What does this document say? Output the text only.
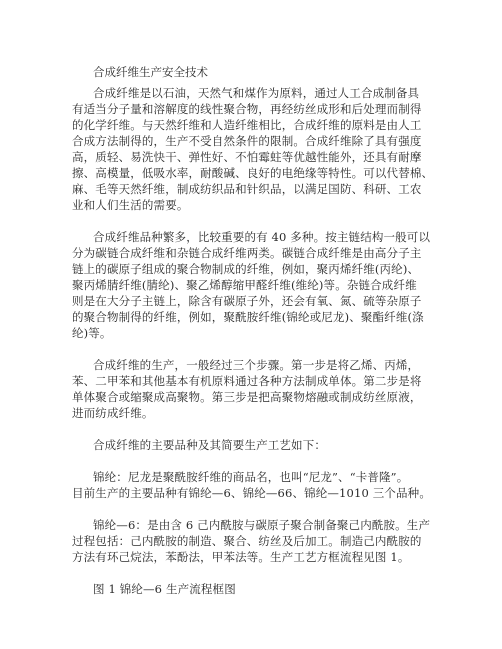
合成纤维生产安全技术
合成纤维是以石油，天然气和煤作为原料，通过人工合成制备具
有适当分子量和溶解度的线性聚合物，再经纺丝成形和后处理而制得
的化学纤维。与天然纤维和人造纤维相比，合成纤维的原料是由人工
合成方法制得的，生产不受自然条件的限制。合成纤维除了具有强度
高，质轻、易洗快干、弹性好、不怕霉蛀等优越性能外，还具有耐摩
擦、高模量，低吸水率，耐酸碱、良好的电绝缘等特性。可以代替棉、
麻、毛等天然纤维，制成纺织品和针织品，以满足国防、科研、工农
业和人们生活的需要。
合成纤维品种繁多，比较重要的有 40 多种。按主链结构一般可以
分为碳链合成纤维和杂链合成纤维两类。碳链合成纤维是由高分子主
链上的碳原子组成的聚合物制成的纤维，例如，聚丙烯纤维(丙纶)、
聚丙烯腈纤维(腈纶)、聚乙烯醇缩甲醛纤维(维纶)等。杂链合成纤维
则是在大分子主链上，除含有碳原子外，还会有氧、氮、硫等杂原子
的聚合物制得的纤维，例如，聚酰胺纤维(锦纶或尼龙)、聚酯纤维(涤
纶)等。
合成纤维的生产，一般经过三个步骤。第一步是将乙烯、丙烯，
苯、二甲苯和其他基本有机原料通过各种方法制成单体。第二步是将
单体聚合或缩聚成高聚物。第三步是把高聚物熔融或制成纺丝原液，
进而纺成纤维。
合成纤维的主要品种及其简要生产工艺如下：
锦纶：尼龙是聚酰胺纤维的商品名，也叫“尼龙”、“卡普隆”。
目前生产的主要品种有锦纶—6、锦纶—66、锦纶—1010 三个品种。
锦纶—6：是由含 6 己内酰胺与碳原子聚合制备聚己内酰胺。生产
过程包括：己内酰胺的制造、聚合、纺丝及后加工。制造己内酰胺的
方法有环己烷法，苯酚法，甲苯法等。生产工艺方框流程见图 1。
图 1 锦纶—6 生产流程框图
